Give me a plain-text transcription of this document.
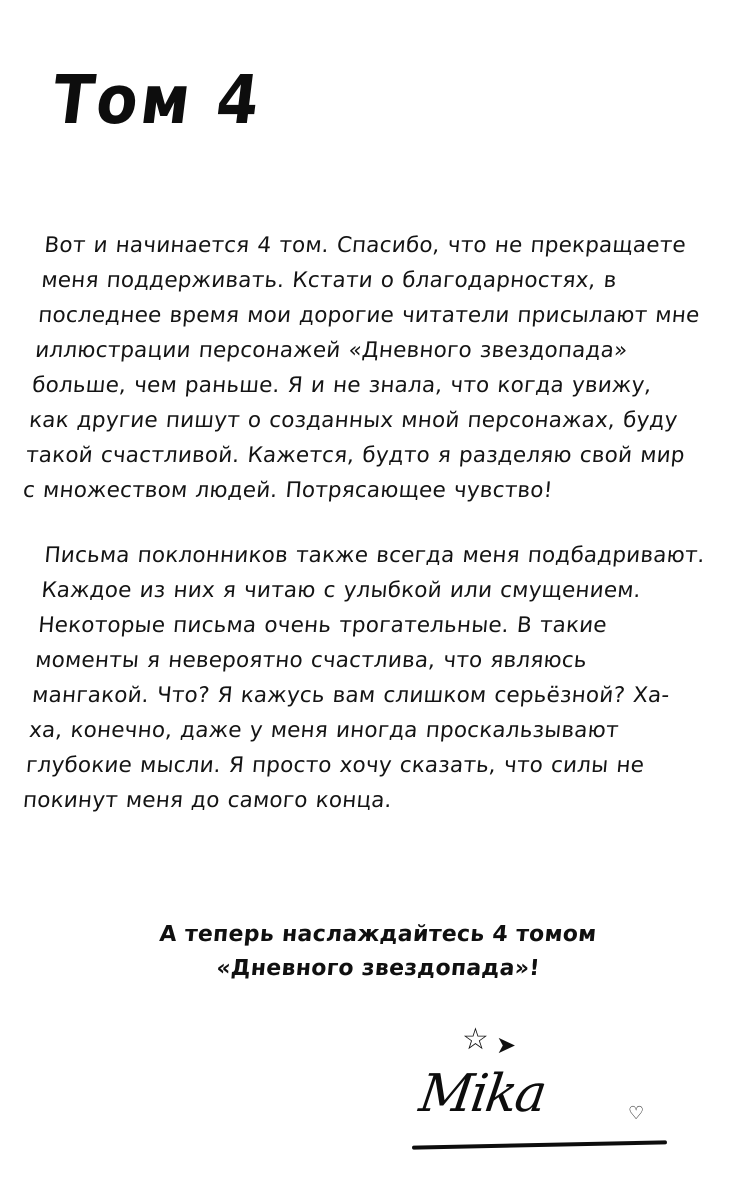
Том 4

Вот и начинается 4 том. Спасибо, что не прекращаете меня поддерживать. Кстати о благодарностях, в последнее время мои дорогие читатели присылают мне иллюстрации персонажей «Дневного звездопада» больше, чем раньше. Я и не знала, что когда увижу, как другие пишут о созданных мной персонажах, буду такой счастливой. Кажется, будто я разделяю свой мир с множеством людей. Потрясающее чувство!

Письма поклонников также всегда меня подбадривают. Каждое из них я читаю с улыбкой или смущением. Некоторые письма очень трогательные. В такие моменты я невероятно счастлива, что являюсь мангакой. Что? Я кажусь вам слишком серьёзной? Ха-ха, конечно, даже у меня иногда проскальзывают глубокие мысли. Я просто хочу сказать, что силы не покинут меня до самого конца.

А теперь наслаждайтесь 4 томом
«Дневного звездопада»!
☆ ➤
Mika	♡
